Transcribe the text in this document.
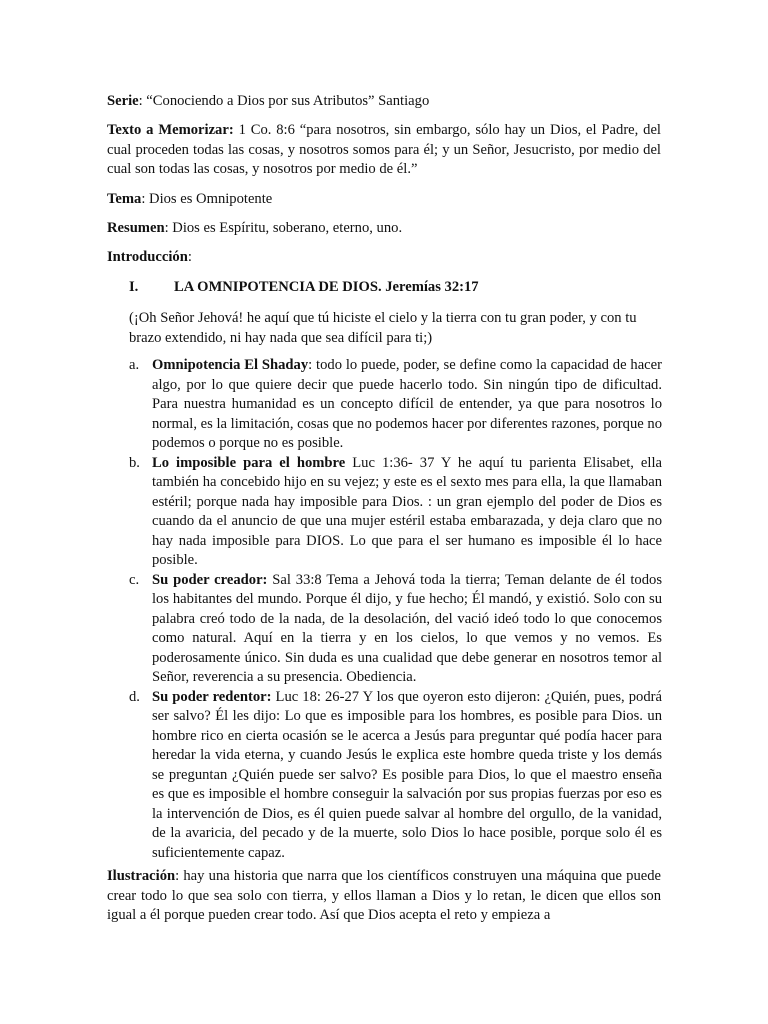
Serie: “Conociendo a Dios por sus Atributos” Santiago

Texto a Memorizar: 1 Co. 8:6 “para nosotros, sin embargo, sólo hay un Dios, el Padre, del cual proceden todas las cosas, y nosotros somos para él; y un Señor, Jesucristo, por medio del cual son todas las cosas, y nosotros por medio de él.”

Tema: Dios es Omnipotente

Resumen: Dios es Espíritu, soberano, eterno, uno.

Introducción:

I. LA OMNIPOTENCIA DE DIOS. Jeremías 32:17

(¡Oh Señor Jehová! he aquí que tú hiciste el cielo y la tierra con tu gran poder, y con tu brazo extendido, ni hay nada que sea difícil para ti;)

a. Omnipotencia El Shaday: todo lo puede, poder, se define como la capacidad de hacer algo, por lo que quiere decir que puede hacerlo todo. Sin ningún tipo de dificultad. Para nuestra humanidad es un concepto difícil de entender, ya que para nosotros lo normal, es la limitación, cosas que no podemos hacer por diferentes razones, porque no podemos o porque no es posible.
b. Lo imposible para el hombre Luc 1:36- 37 Y he aquí tu parienta Elisabet, ella también ha concebido hijo en su vejez; y este es el sexto mes para ella, la que llamaban estéril; porque nada hay imposible para Dios. : un gran ejemplo del poder de Dios es cuando da el anuncio de que una mujer estéril estaba embarazada, y deja claro que no hay nada imposible para DIOS. Lo que para el ser humano es imposible él lo hace posible.
c. Su poder creador: Sal 33:8 Tema a Jehová toda la tierra; Teman delante de él todos los habitantes del mundo. Porque él dijo, y fue hecho; Él mandó, y existió. Solo con su palabra creó todo de la nada, de la desolación, del vació ideó todo lo que conocemos como natural. Aquí en la tierra y en los cielos, lo que vemos y no vemos. Es poderosamente único. Sin duda es una cualidad que debe generar en nosotros temor al Señor, reverencia a su presencia. Obediencia.
d. Su poder redentor: Luc 18: 26-27 Y los que oyeron esto dijeron: ¿Quién, pues, podrá ser salvo? Él les dijo: Lo que es imposible para los hombres, es posible para Dios. un hombre rico en cierta ocasión se le acerca a Jesús para preguntar qué podía hacer para heredar la vida eterna, y cuando Jesús le explica este hombre queda triste y los demás se preguntan ¿Quién puede ser salvo? Es posible para Dios, lo que el maestro enseña es que es imposible el hombre conseguir la salvación por sus propias fuerzas por eso es la intervención de Dios, es él quien puede salvar al hombre del orgullo, de la vanidad, de la avaricia, del pecado y de la muerte, solo Dios lo hace posible, porque solo él es suficientemente capaz.

Ilustración: hay una historia que narra que los científicos construyen una máquina que puede crear todo lo que sea solo con tierra, y ellos llaman a Dios y lo retan, le dicen que ellos son igual a él porque pueden crear todo. Así que Dios acepta el reto y empieza a
